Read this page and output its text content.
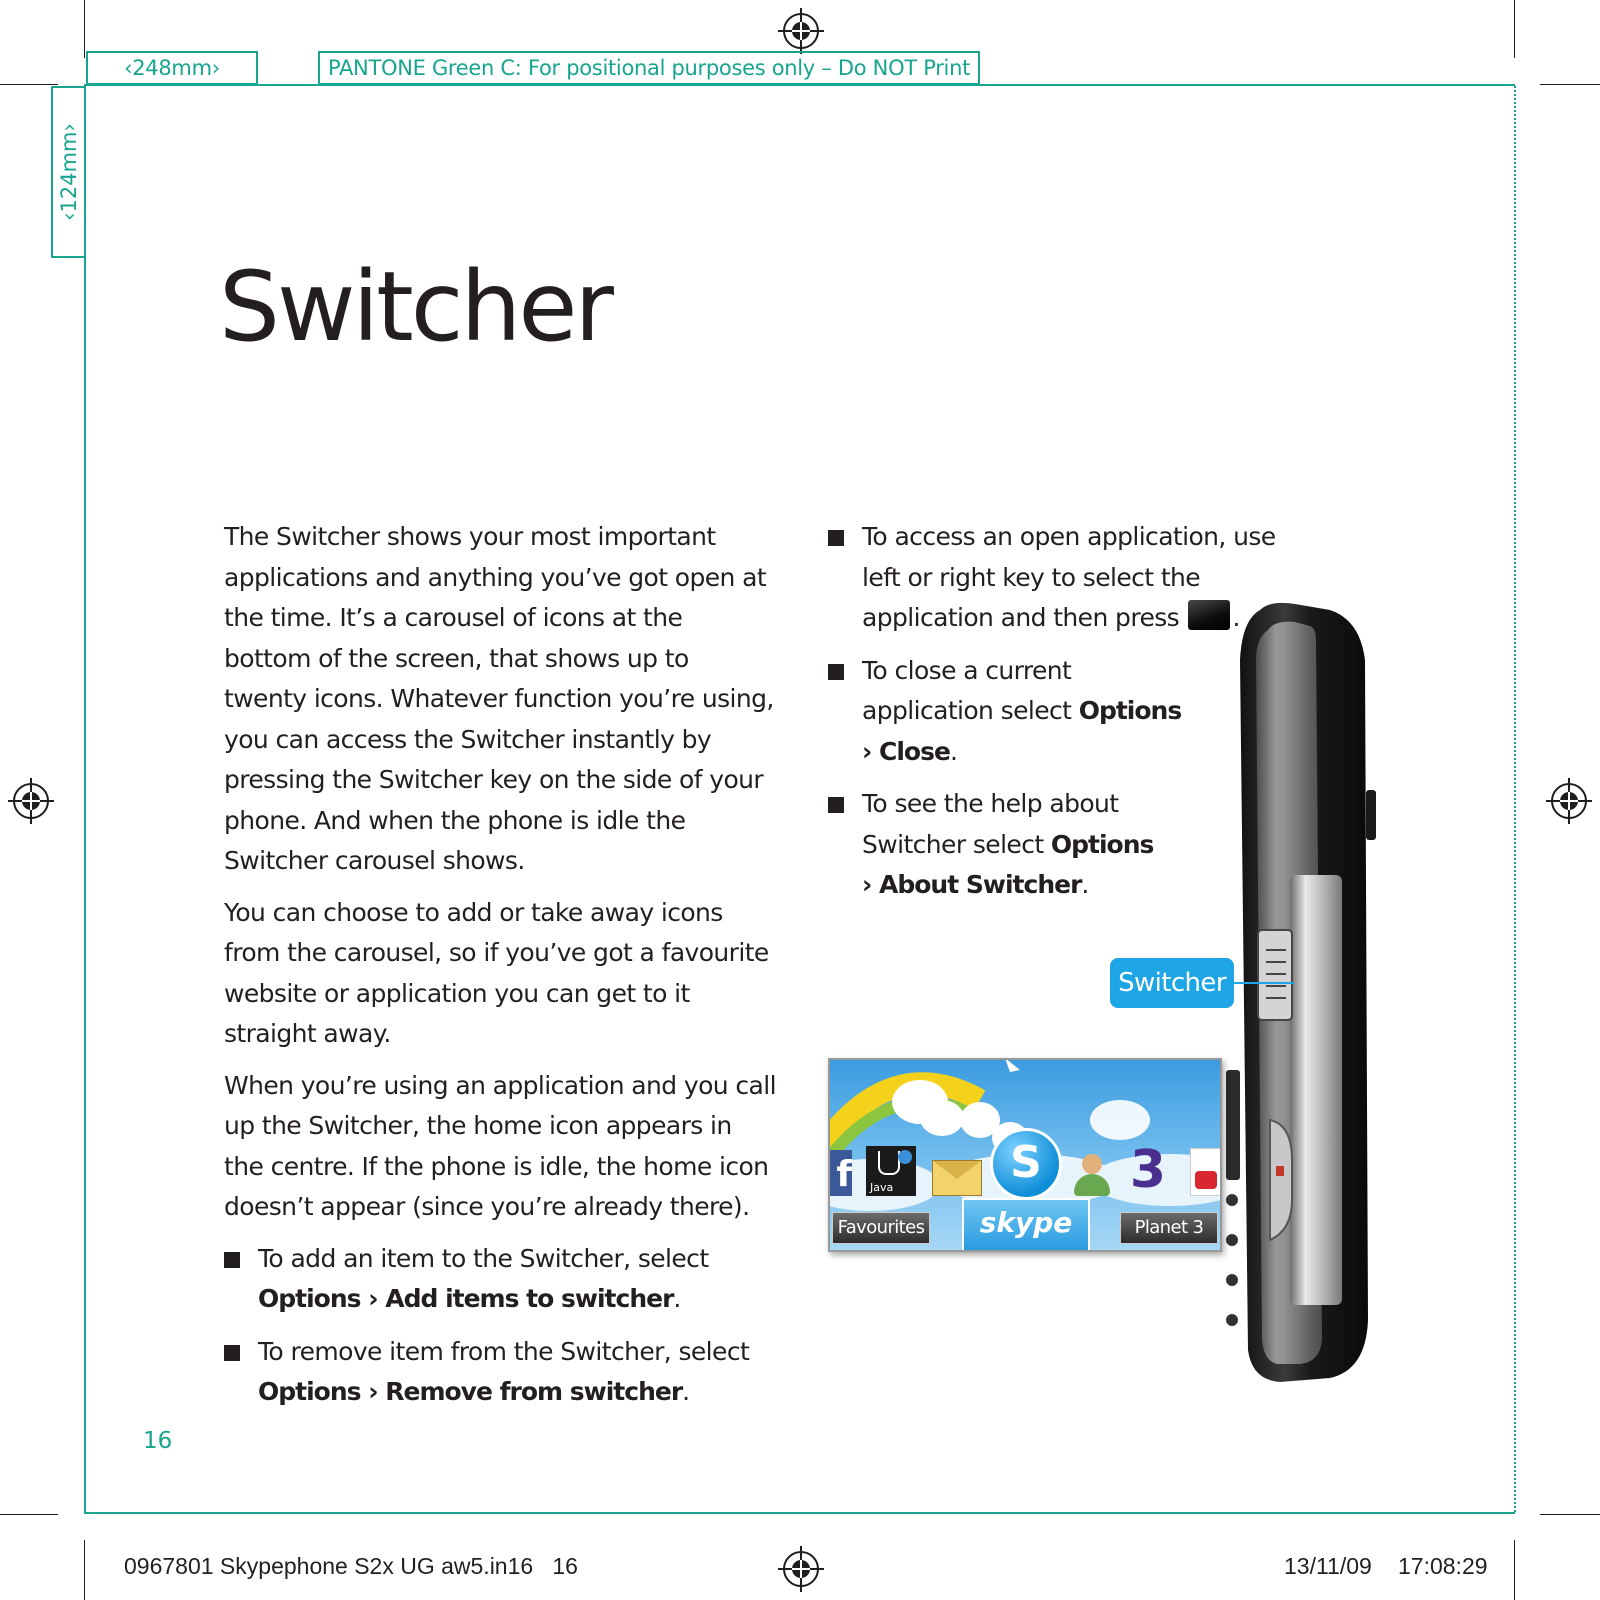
‹248mm›	PANTONE Green C: For positional purposes only – Do NOT Print
‹124mm›
Switcher

The Switcher shows your most important applications and anything you’ve got open at the time. It’s a carousel of icons at the bottom of the screen, that shows up to twenty icons. Whatever function you’re using, you can access the Switcher instantly by pressing the Switcher key on the side of your phone. And when the phone is idle the Switcher carousel shows.

You can choose to add or take away icons from the carousel, so if you’ve got a favourite website or application you can get to it straight away.

When you’re using an application and you call up the Switcher, the home icon appears in the centre. If the phone is idle, the home icon doesn’t appear (since you’re already there).

To add an item to the Switcher, select Options › Add items to switcher.
To remove item from the Switcher, select Options › Remove from switcher.
To access an open application, use left or right key to select the application and then press .
To close a current application select Options › Close.
To see the help about Switcher select Options › About Switcher.
Switcher
f Java	S	3
Favourites	skype	Planet 3
16
0967801 Skypephone S2x UG aw5.in16   16	13/11/09 17:08:29
